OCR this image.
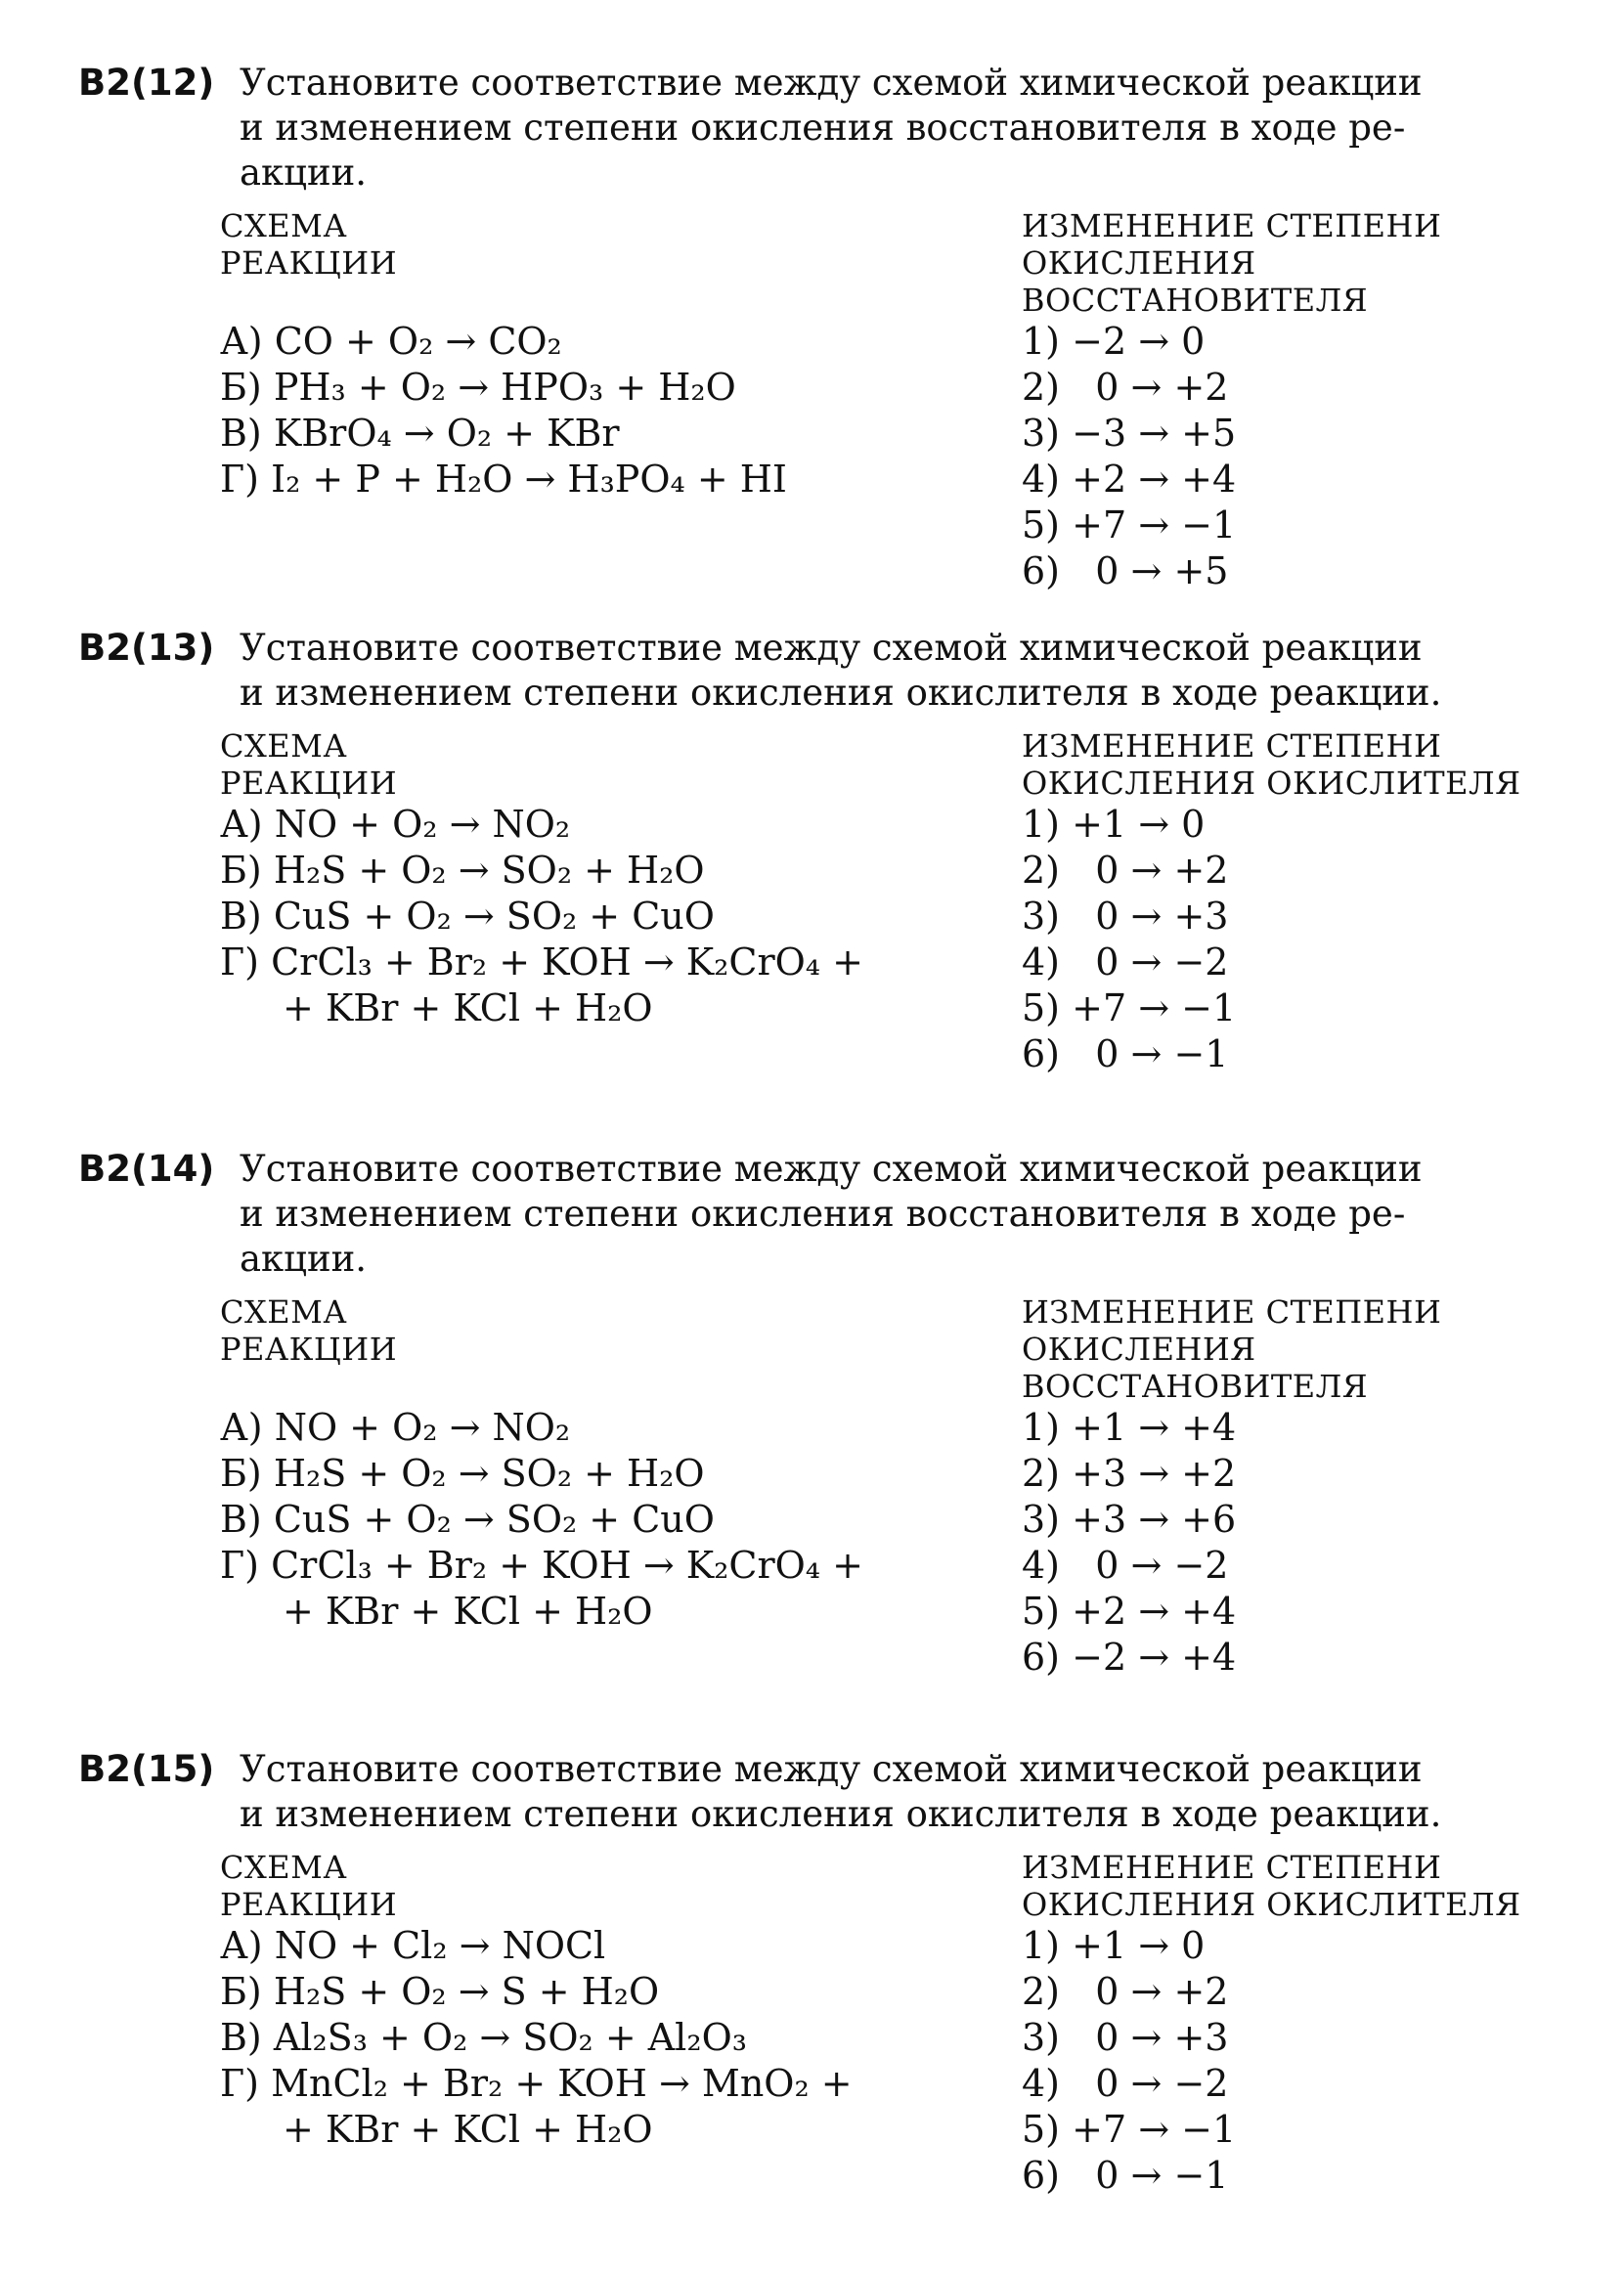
B2(12) Установите соответствие между схемой химической реакции
и изменением степени окисления восстановителя в ходе ре-
акции.
СХЕМА
РЕАКЦИИ
А) CO + O₂ → CO₂
Б) PH₃ + O₂ → HPO₃ + H₂O
В) KBrO₄ → O₂ + KBr
Г) I₂ + P + H₂O → H₃PO₄ + HI
ИЗМЕНЕНИЕ СТЕПЕНИ
ОКИСЛЕНИЯ
ВОССТАНОВИТЕЛЯ
1) −2 → 0
2)   0 → +2
3) −3 → +5
4) +2 → +4
5) +7 → −1
6)   0 → +5
B2(13) Установите соответствие между схемой химической реакции
и изменением степени окисления окислителя в ходе реакции.
СХЕМА
РЕАКЦИИ
А) NO + O₂ → NO₂
Б) H₂S + O₂ → SO₂ + H₂O
В) CuS + O₂ → SO₂ + CuO
Г) CrCl₃ + Br₂ + KOH → K₂CrO₄ +
+ KBr + KCl + H₂O
ИЗМЕНЕНИЕ СТЕПЕНИ
ОКИСЛЕНИЯ ОКИСЛИТЕЛЯ
1) +1 → 0
2)   0 → +2
3)   0 → +3
4)   0 → −2
5) +7 → −1
6)   0 → −1
B2(14) Установите соответствие между схемой химической реакции
и изменением степени окисления восстановителя в ходе ре-
акции.
СХЕМА
РЕАКЦИИ
А) NO + O₂ → NO₂
Б) H₂S + O₂ → SO₂ + H₂O
В) CuS + O₂ → SO₂ + CuO
Г) CrCl₃ + Br₂ + KOH → K₂CrO₄ +
+ KBr + KCl + H₂O
ИЗМЕНЕНИЕ СТЕПЕНИ
ОКИСЛЕНИЯ
ВОССТАНОВИТЕЛЯ
1) +1 → +4
2) +3 → +2
3) +3 → +6
4)   0 → −2
5) +2 → +4
6) −2 → +4
B2(15) Установите соответствие между схемой химической реакции
и изменением степени окисления окислителя в ходе реакции.
СХЕМА
РЕАКЦИИ
А) NO + Cl₂ → NOCl
Б) H₂S + O₂ → S + H₂O
В) Al₂S₃ + O₂ → SO₂ + Al₂O₃
Г) MnCl₂ + Br₂ + KOH → MnO₂ +
+ KBr + KCl + H₂O
ИЗМЕНЕНИЕ СТЕПЕНИ
ОКИСЛЕНИЯ ОКИСЛИТЕЛЯ
1) +1 → 0
2)   0 → +2
3)   0 → +3
4)   0 → −2
5) +7 → −1
6)   0 → −1
